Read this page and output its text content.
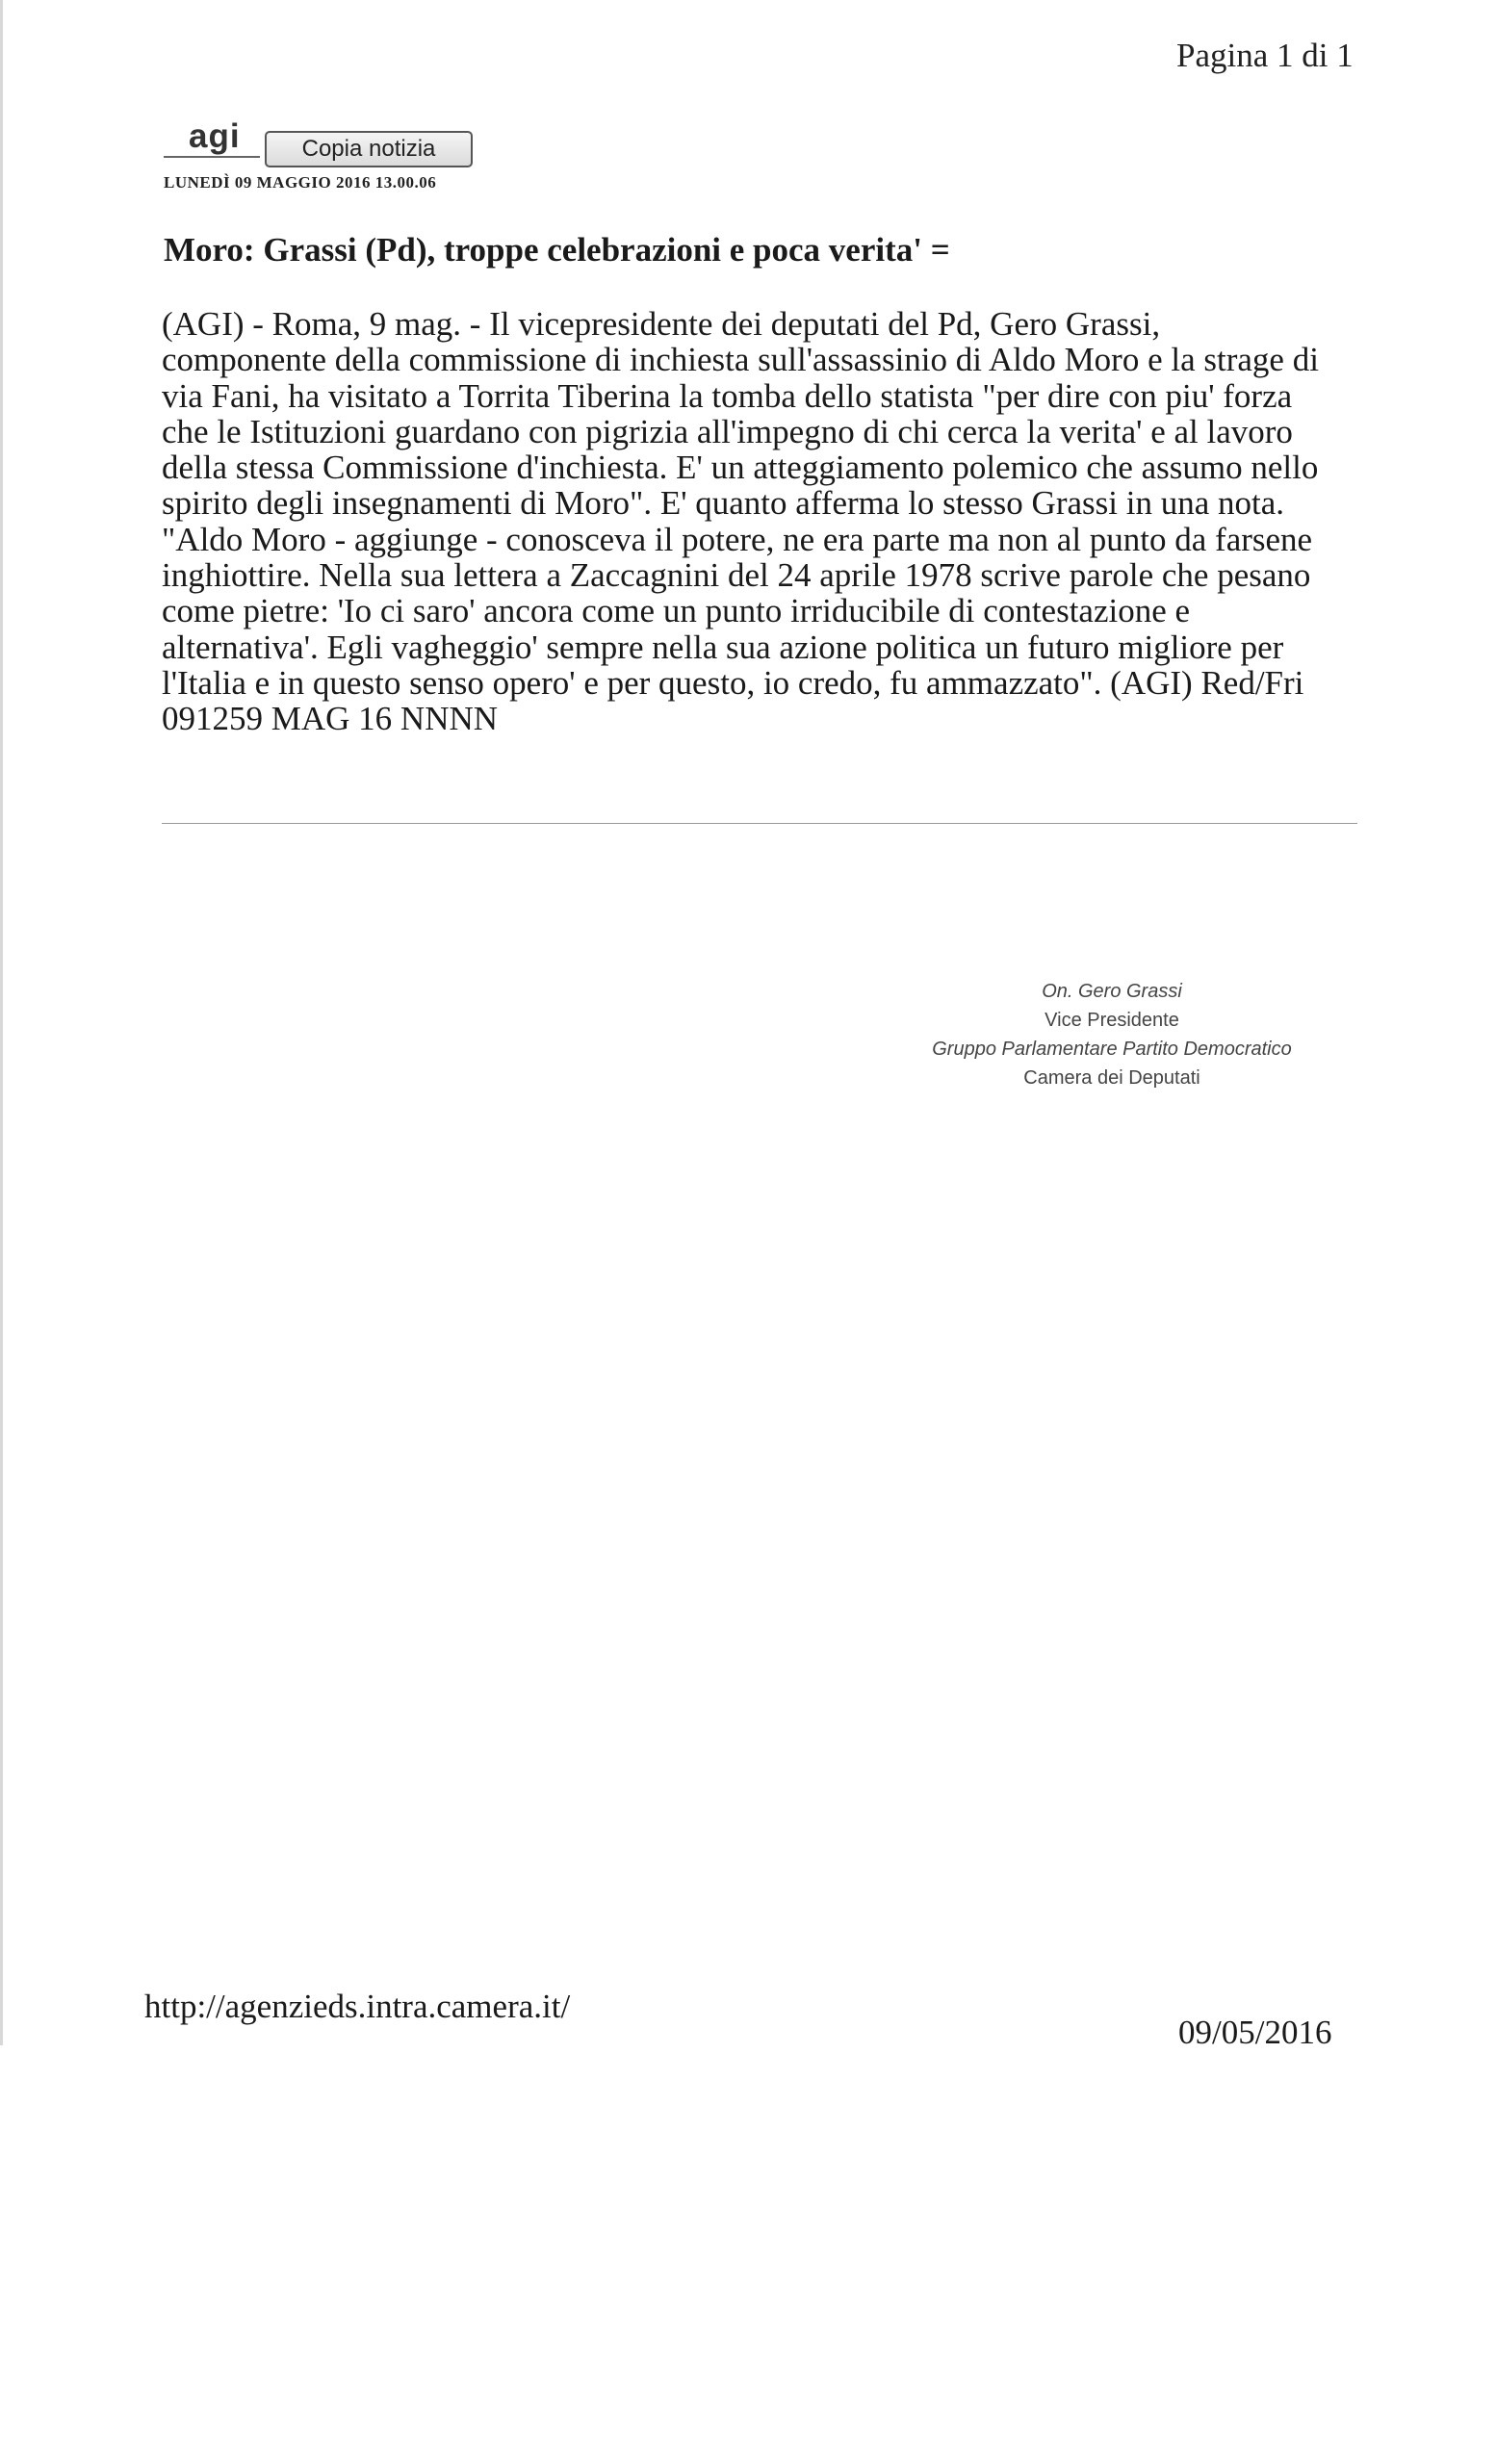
Pagina 1 di 1
agi	Copia notizia
LUNEDÌ 09 MAGGIO 2016 13.00.06
Moro: Grassi (Pd), troppe celebrazioni e poca verita' =
(AGI) - Roma, 9 mag. - Il vicepresidente dei deputati del Pd, Gero Grassi,
componente della commissione di inchiesta sull'assassinio di Aldo Moro e la strage di
via Fani, ha visitato a Torrita Tiberina la tomba dello statista "per dire con piu' forza
che le Istituzioni guardano con pigrizia all'impegno di chi cerca la verita' e al lavoro
della stessa Commissione d'inchiesta. E' un atteggiamento polemico che assumo nello
spirito degli insegnamenti di Moro". E' quanto afferma lo stesso Grassi in una nota.
"Aldo Moro - aggiunge - conosceva il potere, ne era parte ma non al punto da farsene
inghiottire. Nella sua lettera a Zaccagnini del 24 aprile 1978 scrive parole che pesano
come pietre: 'Io ci saro' ancora come un punto irriducibile di contestazione e
alternativa'. Egli vagheggio' sempre nella sua azione politica un futuro migliore per
l'Italia e in questo senso opero' e per questo, io credo, fu ammazzato". (AGI) Red/Fri
091259 MAG 16 NNNN
On. Gero Grassi
Vice Presidente
Gruppo Parlamentare Partito Democratico
Camera dei Deputati
http://agenzieds.intra.camera.it/
09/05/2016
